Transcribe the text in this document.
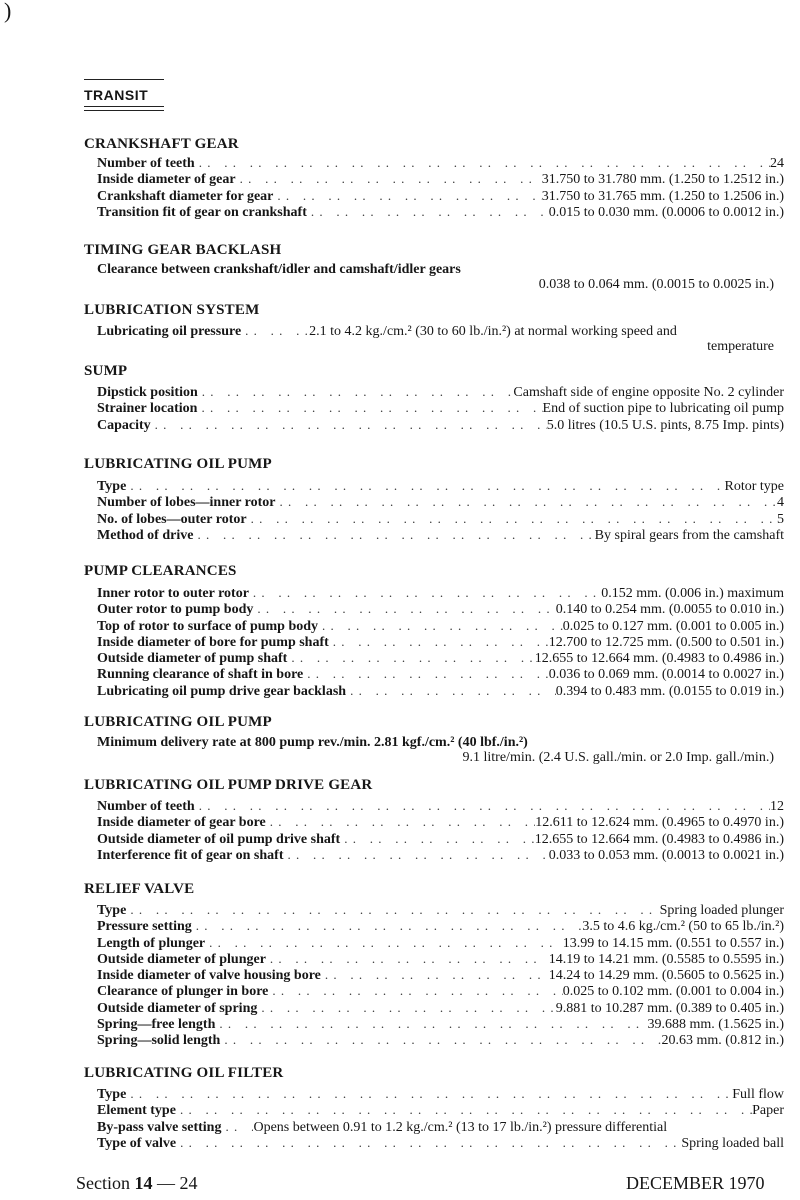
)
TRANSIT
CRANKSHAFT GEAR
Number of teeth . .	24
Inside diameter of gear . .	31.750 to 31.780 mm. (1.250 to 1.2512 in.)
Crankshaft diameter for gear . .	31.750 to 31.765 mm. (1.250 to 1.2506 in.)
Transition fit of gear on crankshaft . .	0.015 to 0.030 mm. (0.0006 to 0.0012 in.)
TIMING GEAR BACKLASH
Clearance between crankshaft/idler and camshaft/idler gears
0.038 to 0.064 mm. (0.0015 to 0.0025 in.)
LUBRICATION SYSTEM
Lubricating oil pressure . .	2.1 to 4.2 kg./cm.² (30 to 60 lb./in.²) at normal working speed and
temperature
SUMP
Dipstick position . .	Camshaft side of engine opposite No. 2 cylinder
Strainer location . .	End of suction pipe to lubricating oil pump
Capacity . .	5.0 litres (10.5 U.S. pints, 8.75 Imp. pints)
LUBRICATING OIL PUMP
Type . .	Rotor type
Number of lobes—inner rotor . .	4
No. of lobes—outer rotor . .	5
Method of drive . .	By spiral gears from the camshaft
PUMP CLEARANCES
Inner rotor to outer rotor . .	0.152 mm. (0.006 in.) maximum
Outer rotor to pump body . .	0.140 to 0.254 mm. (0.0055 to 0.010 in.)
Top of rotor to surface of pump body . .	0.025 to 0.127 mm. (0.001 to 0.005 in.)
Inside diameter of bore for pump shaft . .	12.700 to 12.725 mm. (0.500 to 0.501 in.)
Outside diameter of pump shaft . .	12.655 to 12.664 mm. (0.4983 to 0.4986 in.)
Running clearance of shaft in bore . .	0.036 to 0.069 mm. (0.0014 to 0.0027 in.)
Lubricating oil pump drive gear backlash . .	0.394 to 0.483 mm. (0.0155 to 0.019 in.)
LUBRICATING OIL PUMP
Minimum delivery rate at 800 pump rev./min. 2.81 kgf./cm.² (40 lbf./in.²)
9.1 litre/min. (2.4 U.S. gall./min. or 2.0 Imp. gall./min.)
LUBRICATING OIL PUMP DRIVE GEAR
Number of teeth . .	12
Inside diameter of gear bore . .	12.611 to 12.624 mm. (0.4965 to 0.4970 in.)
Outside diameter of oil pump drive shaft . .	12.655 to 12.664 mm. (0.4983 to 0.4986 in.)
Interference fit of gear on shaft . .	0.033 to 0.053 mm. (0.0013 to 0.0021 in.)
RELIEF VALVE
Type . .	Spring loaded plunger
Pressure setting . .	3.5 to 4.6 kg./cm.² (50 to 65 lb./in.²)
Length of plunger . .	13.99 to 14.15 mm. (0.551 to 0.557 in.)
Outside diameter of plunger . .	14.19 to 14.21 mm. (0.5585 to 0.5595 in.)
Inside diameter of valve housing bore . .	14.24 to 14.29 mm. (0.5605 to 0.5625 in.)
Clearance of plunger in bore . .	0.025 to 0.102 mm. (0.001 to 0.004 in.)
Outside diameter of spring . .	9.881 to 10.287 mm. (0.389 to 0.405 in.)
Spring—free length . .	39.688 mm. (1.5625 in.)
Spring—solid length . .	20.63 mm. (0.812 in.)
LUBRICATING OIL FILTER
Type . .	Full flow
Element type . .	Paper
By-pass valve setting . . Opens between 0.91 to 1.2 kg./cm.² (13 to 17 lb./in.²) pressure differential
Type of valve . .	Spring loaded ball
Section 14 — 24	DECEMBER 1970
